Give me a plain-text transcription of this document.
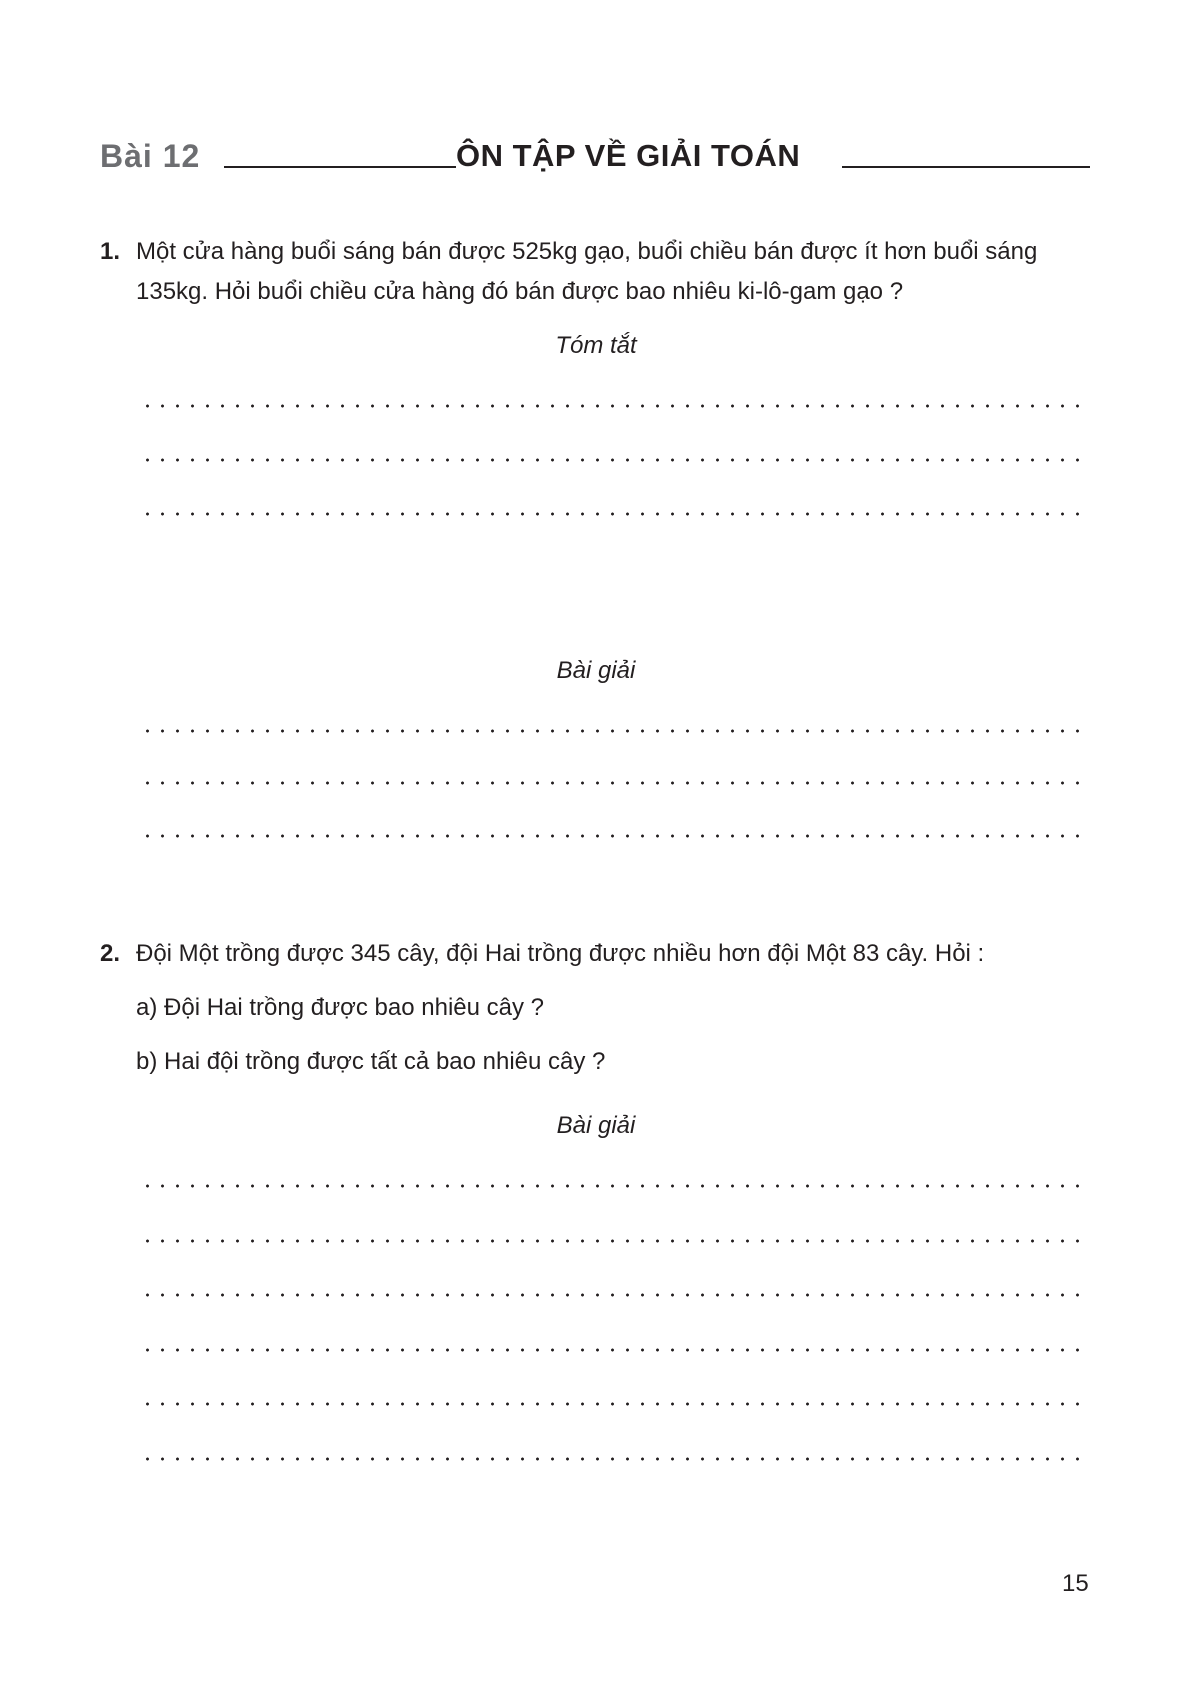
Bài 12	ÔN TẬP VỀ GIẢI TOÁN
1. Một cửa hàng buổi sáng bán được 525kg gạo, buổi chiều bán được ít hơn buổi sáng 135kg. Hỏi buổi chiều cửa hàng đó bán được bao nhiêu ki-lô-gam gạo ?
Tóm tắt
Bài giải
2. Đội Một trồng được 345 cây, đội Hai trồng được nhiều hơn đội Một 83 cây. Hỏi :
a) Đội Hai trồng được bao nhiêu cây ?
b) Hai đội trồng được tất cả bao nhiêu cây ?
Bài giải
15
